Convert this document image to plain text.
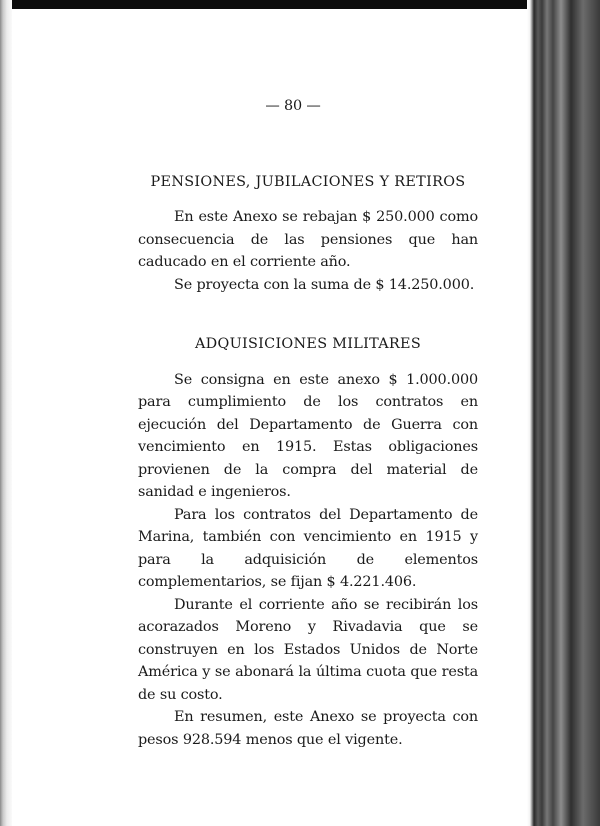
— 80 —

PENSIONES, JUBILACIONES Y RETIROS

En este Anexo se rebajan $ 250.000 como consecuencia de las pensiones que han caducado en el corriente año.

Se proyecta con la suma de $ 14.250.000.

ADQUISICIONES MILITARES

Se consigna en este anexo $ 1.000.000 para cumplimiento de los contratos en ejecución del Departamento de Guerra con vencimiento en 1915. Estas obligaciones provienen de la compra del material de sanidad e ingenieros.

Para los contratos del Departamento de Marina, también con vencimiento en 1915 y para la adquisición de elementos complementarios, se fijan $ 4.221.406.

Durante el corriente año se recibirán los acorazados Moreno y Rivadavia que se construyen en los Estados Unidos de Norte América y se abonará la última cuota que resta de su costo.

En resumen, este Anexo se proyecta con pesos 928.594 menos que el vigente.
